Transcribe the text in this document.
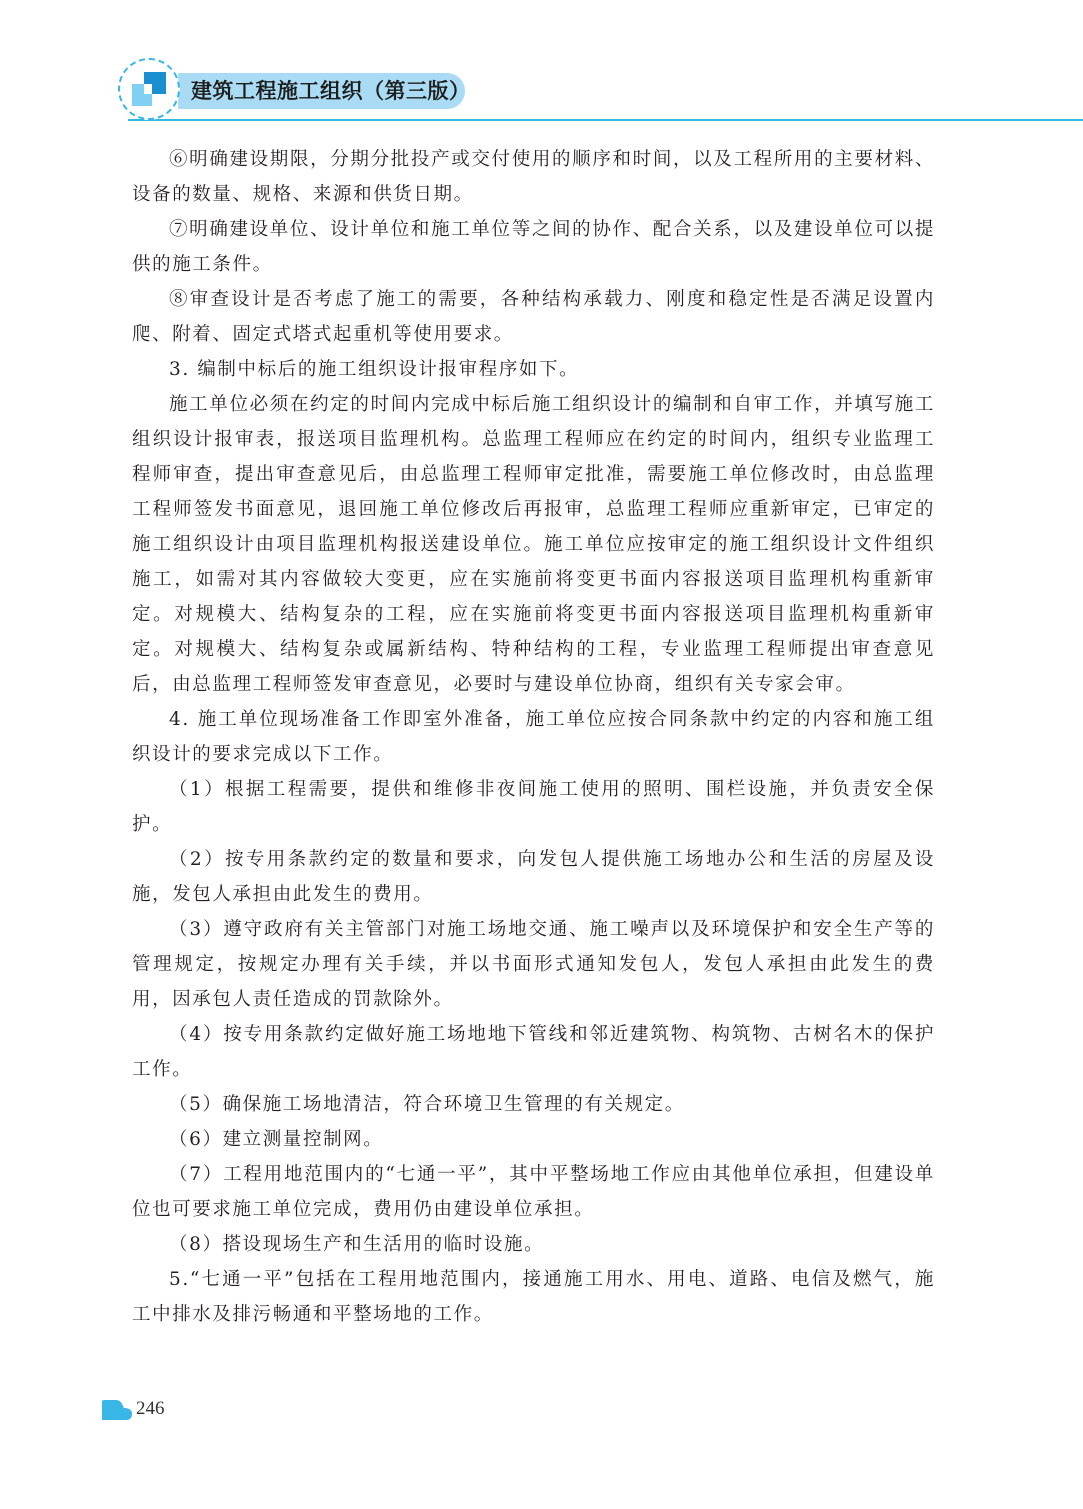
建筑工程施工组织（第三版）

⑥明确建设期限，分期分批投产或交付使用的顺序和时间，以及工程所用的主要材料、设备的数量、规格、来源和供货日期。

⑦明确建设单位、设计单位和施工单位等之间的协作、配合关系，以及建设单位可以提供的施工条件。

⑧审查设计是否考虑了施工的需要，各种结构承载力、刚度和稳定性是否满足设置内爬、附着、固定式塔式起重机等使用要求。

3. 编制中标后的施工组织设计报审程序如下。

施工单位必须在约定的时间内完成中标后施工组织设计的编制和自审工作，并填写施工组织设计报审表，报送项目监理机构。总监理工程师应在约定的时间内，组织专业监理工程师审查，提出审查意见后，由总监理工程师审定批准，需要施工单位修改时，由总监理工程师签发书面意见，退回施工单位修改后再报审，总监理工程师应重新审定，已审定的施工组织设计由项目监理机构报送建设单位。施工单位应按审定的施工组织设计文件组织施工，如需对其内容做较大变更，应在实施前将变更书面内容报送项目监理机构重新审定。对规模大、结构复杂的工程，应在实施前将变更书面内容报送项目监理机构重新审定。对规模大、结构复杂或属新结构、特种结构的工程，专业监理工程师提出审查意见后，由总监理工程师签发审查意见，必要时与建设单位协商，组织有关专家会审。

4. 施工单位现场准备工作即室外准备，施工单位应按合同条款中约定的内容和施工组织设计的要求完成以下工作。

（1）根据工程需要，提供和维修非夜间施工使用的照明、围栏设施，并负责安全保护。

（2）按专用条款约定的数量和要求，向发包人提供施工场地办公和生活的房屋及设施，发包人承担由此发生的费用。

（3）遵守政府有关主管部门对施工场地交通、施工噪声以及环境保护和安全生产等的管理规定，按规定办理有关手续，并以书面形式通知发包人，发包人承担由此发生的费用，因承包人责任造成的罚款除外。

（4）按专用条款约定做好施工场地地下管线和邻近建筑物、构筑物、古树名木的保护工作。

（5）确保施工场地清洁，符合环境卫生管理的有关规定。

（6）建立测量控制网。

（7）工程用地范围内的“七通一平”，其中平整场地工作应由其他单位承担，但建设单位也可要求施工单位完成，费用仍由建设单位承担。

（8）搭设现场生产和生活用的临时设施。

5.“七通一平”包括在工程用地范围内，接通施工用水、用电、道路、电信及燃气，施工中排水及排污畅通和平整场地的工作。

246
